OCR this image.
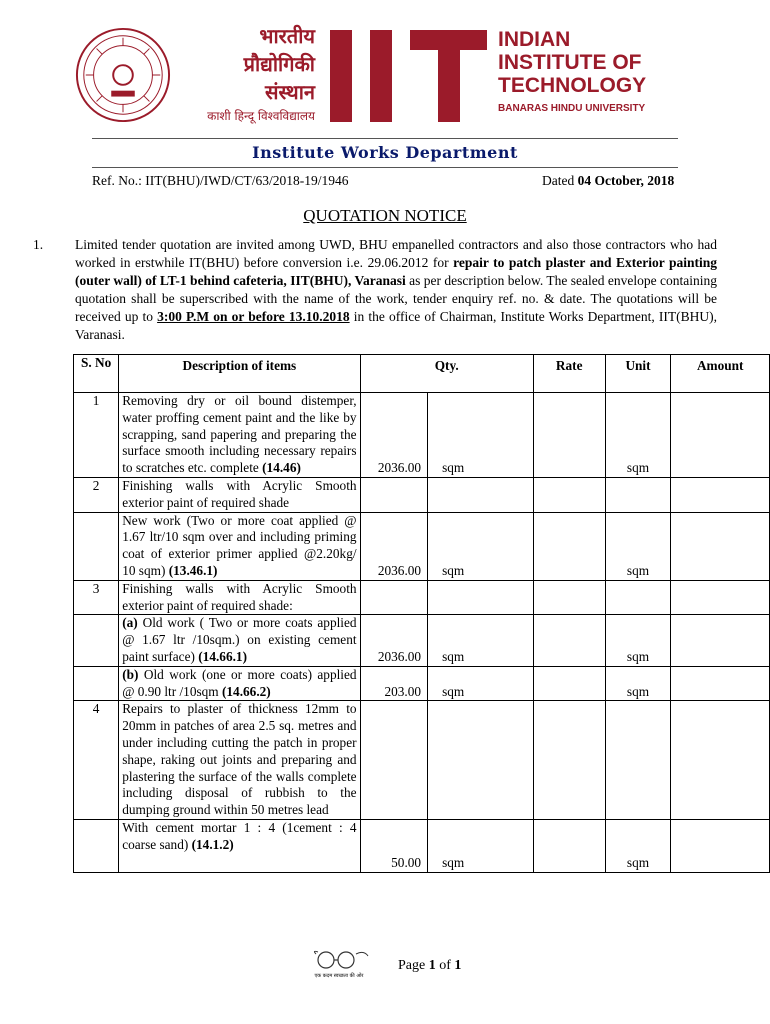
भारतीय
प्रौद्योगिकी
संस्थान
काशी हिन्दू विश्वविद्यालय
INDIAN
INSTITUTE OF
TECHNOLOGY
BANARAS HINDU UNIVERSITY
Institute Works Department
Ref. No.: IIT(BHU)/IWD/CT/63/2018-19/1946	Dated 04 October, 2018
QUOTATION NOTICE
1. Limited tender quotation are invited among UWD, BHU empanelled contractors and also those contractors who had worked in erstwhile IT(BHU) before conversion i.e. 29.06.2012 for repair to patch plaster and Exterior painting (outer wall) of LT-1 behind cafeteria, IIT(BHU), Varanasi as per description below. The sealed envelope containing quotation shall be superscribed with the name of the work, tender enquiry ref. no. & date. The quotations will be received up to 3:00 P.M on or before 13.10.2018 in the office of Chairman, Institute Works Department, IIT(BHU), Varanasi.
S. No	Description of items	Qty.		Rate	Unit	Amount
1	Removing dry or oil bound distemper, water proffing cement paint and the like by scrapping, sand papering and preparing the surface smooth including necessary repairs to scratches etc. complete (14.46)	2036.00	sqm		sqm	
2	Finishing walls with Acrylic Smooth exterior paint of required shade					
	New work (Two or more coat applied @ 1.67 ltr/10 sqm over and including priming coat of exterior primer applied @2.20kg/ 10 sqm) (13.46.1)	2036.00	sqm		sqm	
3	Finishing walls with Acrylic Smooth exterior paint of required shade:					
	(a) Old work ( Two or more coats applied @ 1.67 ltr /10sqm.) on existing cement paint surface) (14.66.1)	2036.00	sqm		sqm	
	(b) Old work (one or more coats) applied @ 0.90 ltr /10sqm (14.66.2)	203.00	sqm		sqm	
4	Repairs to plaster of thickness 12mm to 20mm in patches of area 2.5 sq. metres and under including cutting the patch in proper shape, raking out joints and preparing and plastering the surface of the walls complete including disposal of rubbish to the dumping ground within 50 metres lead					
	With cement mortar 1 : 4 (1cement : 4 coarse sand) (14.1.2)	50.00	sqm		sqm	
एक कदम स्वच्छता की ओर
Page 1 of 1
